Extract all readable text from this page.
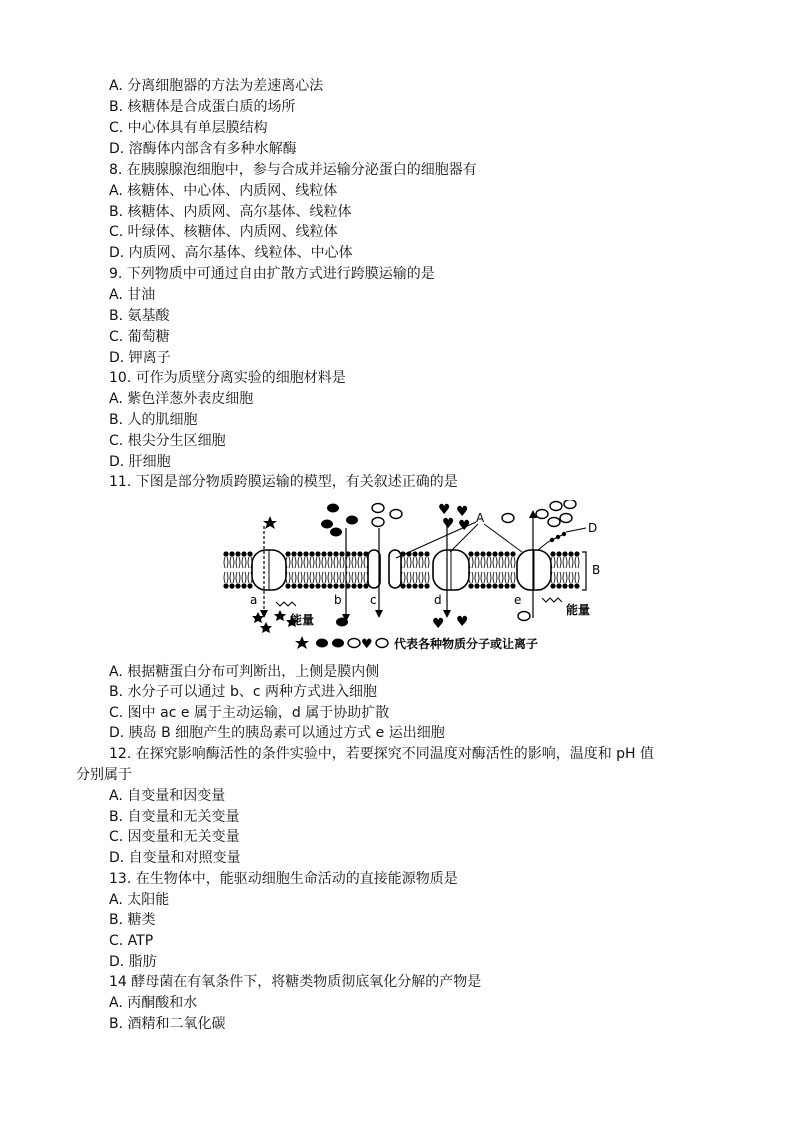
A. 分离细胞器的方法为差速离心法
B. 核糖体是合成蛋白质的场所
C. 中心体具有单层膜结构
D. 溶酶体内部含有多种水解酶
8. 在胰腺腺泡细胞中，参与合成并运输分泌蛋白的细胞器有
A. 核糖体、中心体、内质网、线粒体
B. 核糖体、内质网、高尔基体、线粒体
C. 叶绿体、核糖体、内质网、线粒体
D. 内质网、高尔基体、线粒体、中心体
9. 下列物质中可通过自由扩散方式进行跨膜运输的是
A. 甘油
B. 氨基酸
C. 葡萄糖
D. 钾离子
10. 可作为质壁分离实验的细胞材料是
A. 紫色洋葱外表皮细胞
B. 人的肌细胞
C. 根尖分生区细胞
D. 肝细胞
11. 下图是部分物质跨膜运输的模型，有关叙述正确的是
A. 根据糖蛋白分布可判断出，上侧是膜内侧
B. 水分子可以通过 b、c 两种方式进入细胞
C. 图中 ac e 属于主动运输，d 属于协助扩散
D. 胰岛 B 细胞产生的胰岛素可以通过方式 e 运出细胞
12. 在探究影响酶活性的条件实验中，若要探究不同温度对酶活性的影响，温度和 pH 值
分别属于
A. 自变量和因变量
B. 自变量和无关变量
C. 因变量和无关变量
D. 自变量和对照变量
13. 在生物体中，能驱动细胞生命活动的直接能源物质是
A. 太阳能
B. 糖类
C. ATP
D. 脂肪
14 酵母菌在有氧条件下，将糖类物质彻底氧化分解的产物是
A. 丙酮酸和水
B. 酒精和二氧化碳
♥ ♥
♥ ♥
♥ ♥
a	b c	d	e
A
B
D
能量
能量
♥ 代表各种物质分子或让离子
